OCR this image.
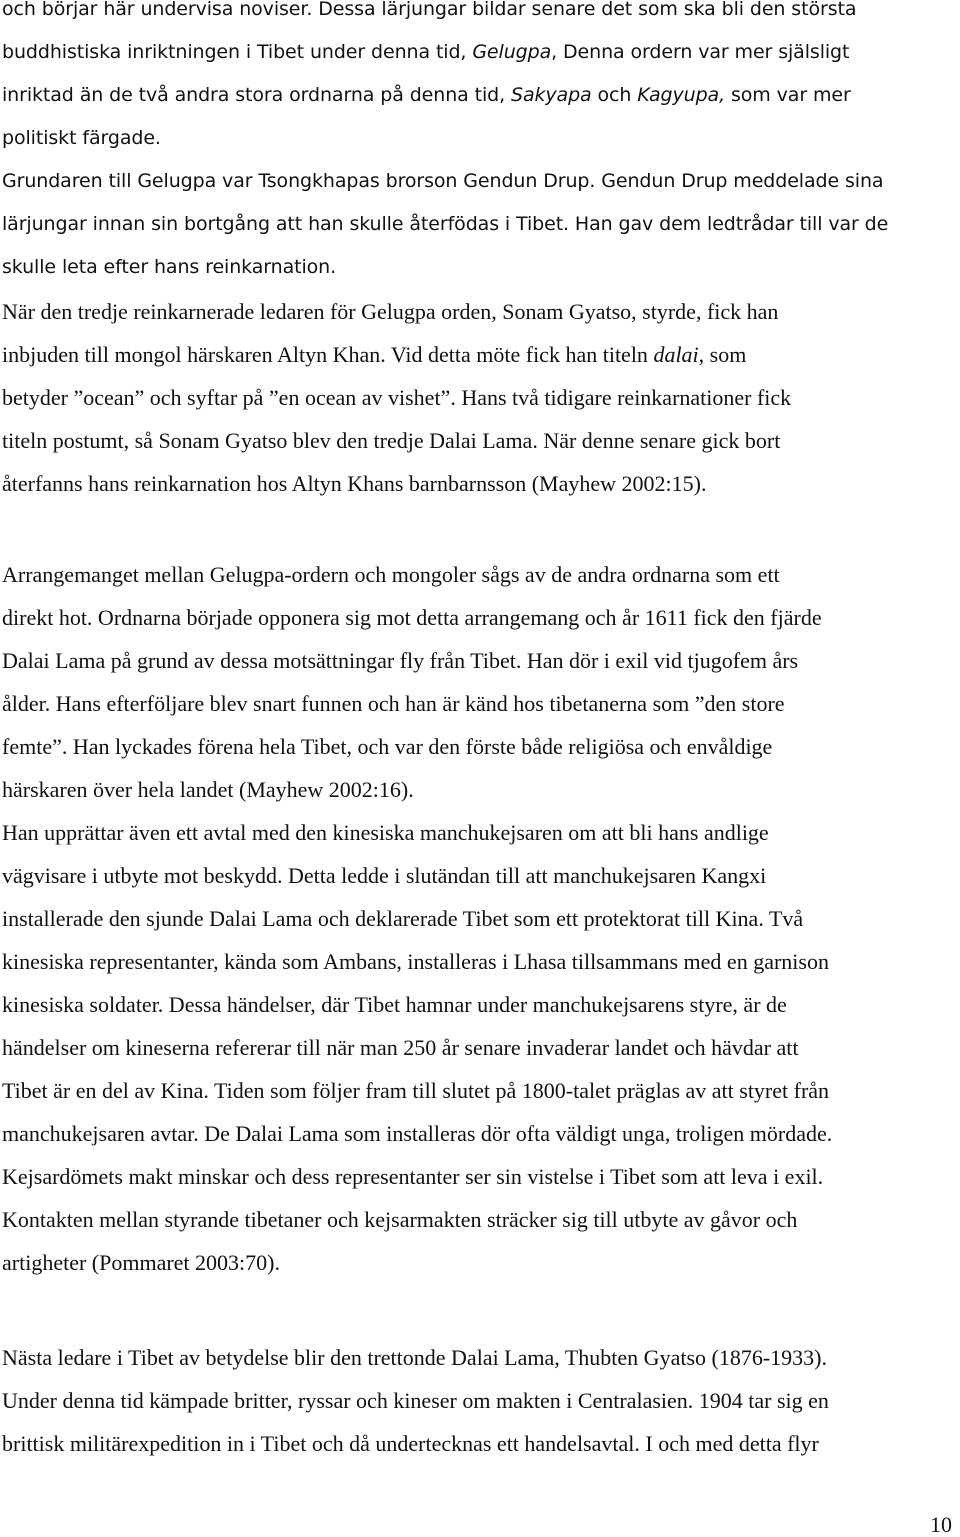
och börjar här undervisa noviser. Dessa lärjungar bildar senare det som ska bli den största
buddhistiska inriktningen i Tibet under denna tid, Gelugpa, Denna ordern var mer själsligt
inriktad än de två andra stora ordnarna på denna tid, Sakyapa och Kagyupa, som var mer
politiskt färgade.
Grundaren till Gelugpa var Tsongkhapas brorson Gendun Drup. Gendun Drup meddelade sina
lärjungar innan sin bortgång att han skulle återfödas i Tibet. Han gav dem ledtrådar till var de
skulle leta efter hans reinkarnation.
När den tredje reinkarnerade ledaren för Gelugpa orden, Sonam Gyatso, styrde, fick han
inbjuden till mongol härskaren Altyn Khan. Vid detta möte fick han titeln dalai, som
betyder ”ocean” och syftar på ”en ocean av vishet”. Hans två tidigare reinkarnationer fick
titeln postumt, så Sonam Gyatso blev den tredje Dalai Lama. När denne senare gick bort
återfanns hans reinkarnation hos Altyn Khans barnbarnsson (Mayhew 2002:15).
Arrangemanget mellan Gelugpa-ordern och mongoler sågs av de andra ordnarna som ett
direkt hot. Ordnarna började opponera sig mot detta arrangemang och år 1611 fick den fjärde
Dalai Lama på grund av dessa motsättningar fly från Tibet. Han dör i exil vid tjugofem års
ålder. Hans efterföljare blev snart funnen och han är känd hos tibetanerna som ”den store
femte”. Han lyckades förena hela Tibet, och var den förste både religiösa och envåldige
härskaren över hela landet (Mayhew 2002:16).
Han upprättar även ett avtal med den kinesiska manchukejsaren om att bli hans andlige
vägvisare i utbyte mot beskydd. Detta ledde i slutändan till att manchukejsaren Kangxi
installerade den sjunde Dalai Lama och deklarerade Tibet som ett protektorat till Kina. Två
kinesiska representanter, kända som Ambans, installeras i Lhasa tillsammans med en garnison
kinesiska soldater. Dessa händelser, där Tibet hamnar under manchukejsarens styre, är de
händelser om kineserna refererar till när man 250 år senare invaderar landet och hävdar att
Tibet är en del av Kina. Tiden som följer fram till slutet på 1800-talet präglas av att styret från
manchukejsaren avtar. De Dalai Lama som installeras dör ofta väldigt unga, troligen mördade.
Kejsardömets makt minskar och dess representanter ser sin vistelse i Tibet som att leva i exil.
Kontakten mellan styrande tibetaner och kejsarmakten sträcker sig till utbyte av gåvor och
artigheter (Pommaret 2003:70).
Nästa ledare i Tibet av betydelse blir den trettonde Dalai Lama, Thubten Gyatso (1876-1933).
Under denna tid kämpade britter, ryssar och kineser om makten i Centralasien. 1904 tar sig en
brittisk militärexpedition in i Tibet och då undertecknas ett handelsavtal. I och med detta flyr
10
